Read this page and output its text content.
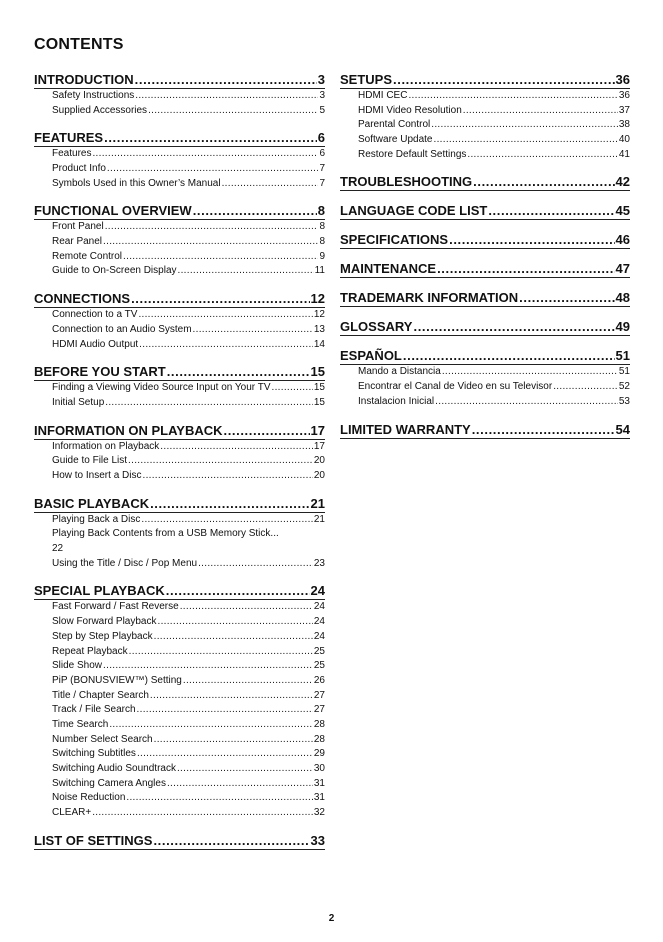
CONTENTS
INTRODUCTION .....	3
Safety Instructions .....	3
Supplied Accessories .....	5
FEATURES .....	6
Features .....	6
Product Info .....	7
Symbols Used in this Owner’s Manual .....	7
FUNCTIONAL OVERVIEW .....	8
Front Panel .....	8
Rear Panel .....	8
Remote Control .....	9
Guide to On-Screen Display .....	11
CONNECTIONS .....	12
Connection to a TV .....	12
Connection to an Audio System .....	13
HDMI Audio Output .....	14
BEFORE YOU START .....	15
Finding a Viewing Video Source Input on Your TV .....	15
Initial Setup .....	15
INFORMATION ON PLAYBACK .....	17
Information on Playback .....	17
Guide to File List .....	20
How to Insert a Disc .....	20
BASIC PLAYBACK .....	21
Playing Back a Disc .....	21
Playing Back Contents from a USB Memory Stick ...
22
Using the Title / Disc / Pop Menu .....	23
SPECIAL PLAYBACK .....	24
Fast Forward / Fast Reverse .....	24
Slow Forward Playback .....	24
Step by Step Playback .....	24
Repeat Playback .....	25
Slide Show .....	25
PiP (BONUSVIEW™) Setting .....	26
Title / Chapter Search .....	27
Track / File Search .....	27
Time Search .....	28
Number Select Search .....	28
Switching Subtitles .....	29
Switching Audio Soundtrack .....	30
Switching Camera Angles .....	31
Noise Reduction .....	31
CLEAR+ .....	32
LIST OF SETTINGS .....	33
SETUPS .....	36
HDMI CEC .....	36
HDMI Video Resolution .....	37
Parental Control .....	38
Software Update .....	40
Restore Default Settings .....	41
TROUBLESHOOTING .....	42
LANGUAGE CODE LIST .....	45
SPECIFICATIONS .....	46
MAINTENANCE .....	47
TRADEMARK INFORMATION .....	48
GLOSSARY .....	49
ESPAÑOL .....	51
Mando a Distancia .....	51
Encontrar el Canal de Video en su Televisor .....	52
Instalacion Inicial .....	53
LIMITED WARRANTY .....	54
2
